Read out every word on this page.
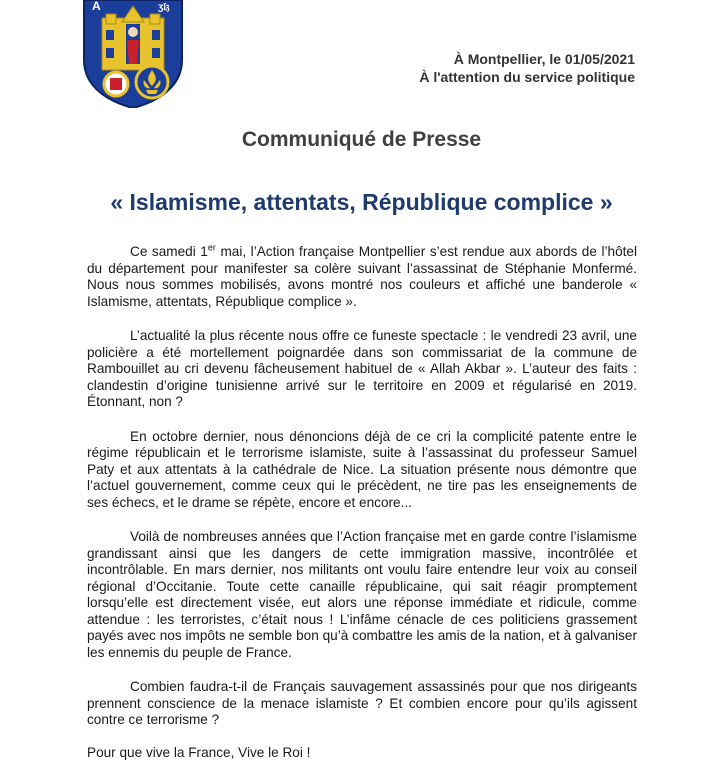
A	ʒ𝔩𝔷
À Montpellier, le 01/05/2021
À l'attention du service politique
Communiqué de Presse
« Islamisme, attentats, République complice »

Ce samedi 1er mai, l’Action française Montpellier s’est rendue aux abords de l’hôtel du département pour manifester sa colère suivant l’assassinat de Stéphanie Monfermé. Nous nous sommes mobilisés, avons montré nos couleurs et affiché une banderole « Islamisme, attentats, République complice ».

L’actualité la plus récente nous offre ce funeste spectacle : le vendredi 23 avril, une policière a été mortellement poignardée dans son commissariat de la commune de Rambouillet au cri devenu fâcheusement habituel de « Allah Akbar ». L’auteur des faits : clandestin d’origine tunisienne arrivé sur le territoire en 2009 et régularisé en 2019. Étonnant, non ?

En octobre dernier, nous dénoncions déjà de ce cri la complicité patente entre le régime républicain et le terrorisme islamiste, suite à l’assassinat du professeur Samuel Paty et aux attentats à la cathédrale de Nice. La situation présente nous démontre que l’actuel gouvernement, comme ceux qui le précèdent, ne tire pas les enseignements de ses échecs, et le drame se répète, encore et encore...

Voilà de nombreuses années que l’Action française met en garde contre l’islamisme grandissant ainsi que les dangers de cette immigration massive, incontrôlée et incontrôlable. En mars dernier, nos militants ont voulu faire entendre leur voix au conseil régional d’Occitanie. Toute cette canaille républicaine, qui sait réagir promptement lorsqu’elle est directement visée, eut alors une réponse immédiate et ridicule, comme attendue : les terroristes, c’était nous ! L’infâme cénacle de ces politiciens grassement payés avec nos impôts ne semble bon qu’à combattre les amis de la nation, et à galvaniser les ennemis du peuple de France.

Combien faudra-t-il de Français sauvagement assassinés pour que nos dirigeants prennent conscience de la menace islamiste ? Et combien encore pour qu’ils agissent contre ce terrorisme ?

Pour que vive la France, Vive le Roi !
